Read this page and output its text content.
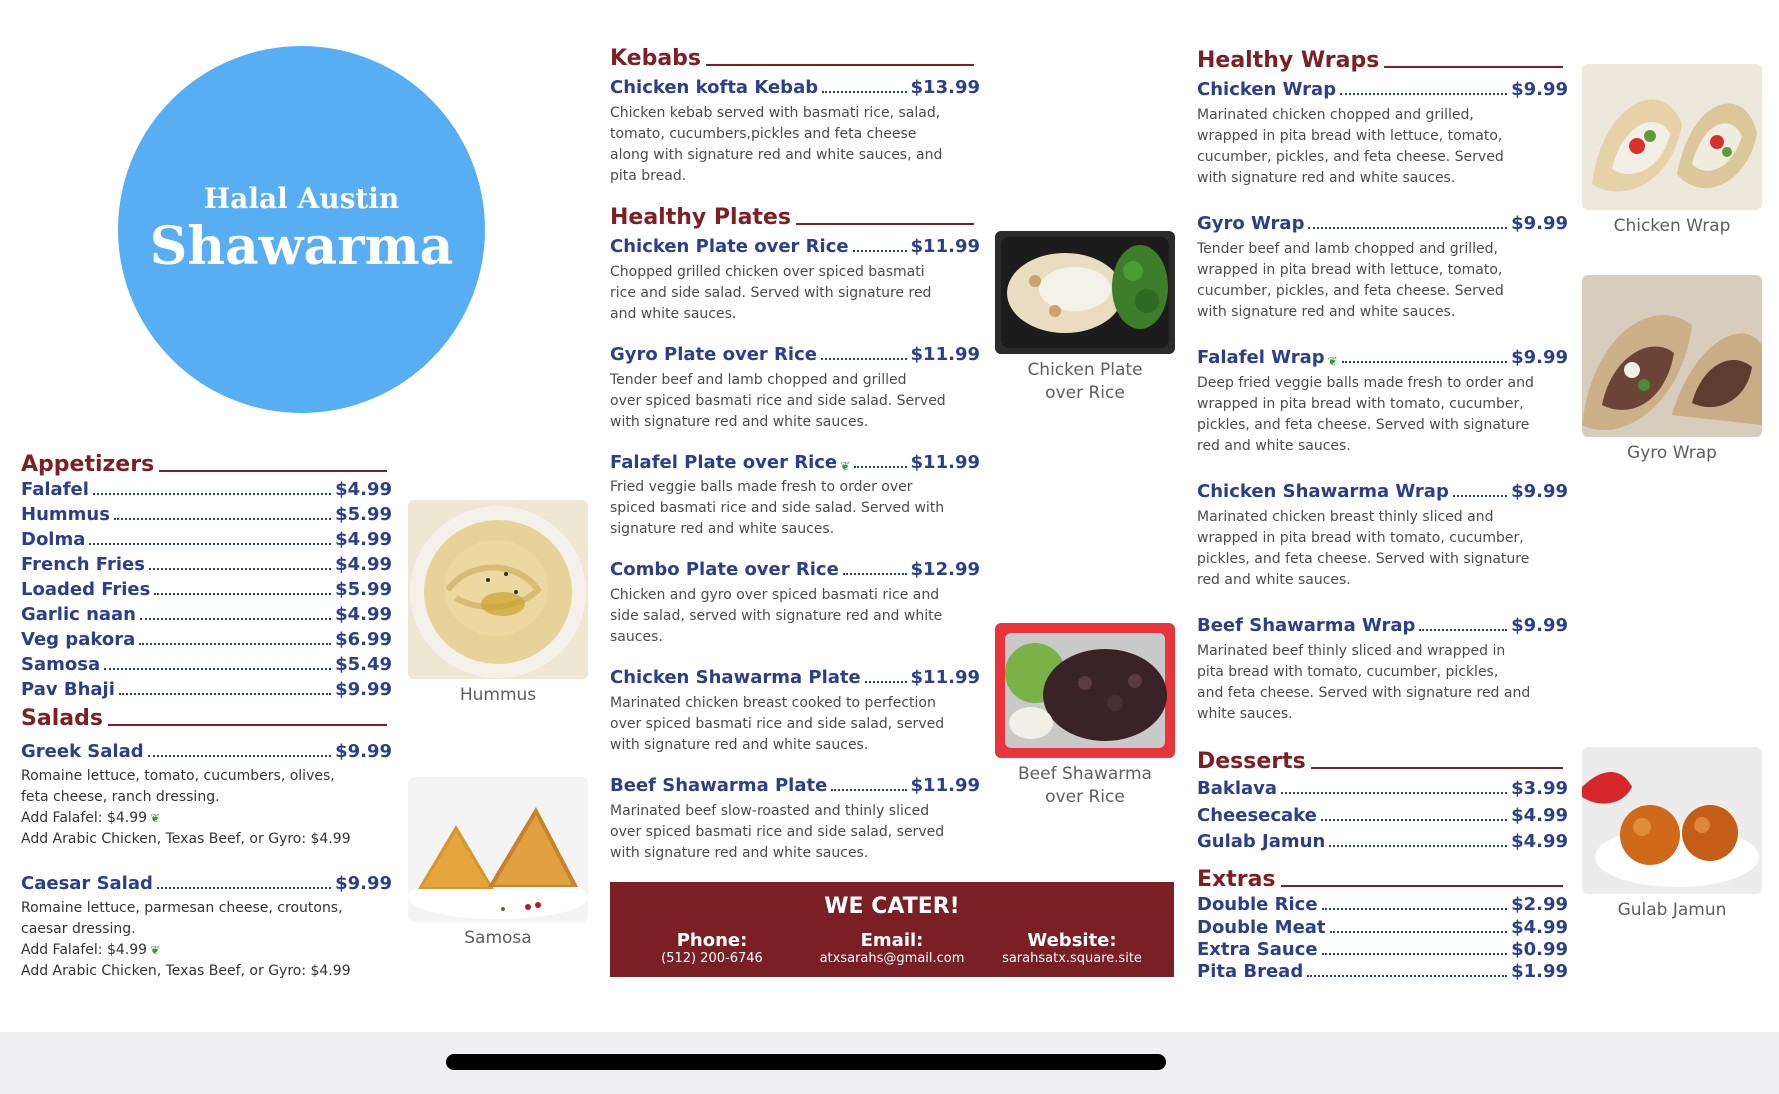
Halal Austin
Shawarma
Appetizers
Falafel	$4.99
Hummus	$5.99
Dolma	$4.99
French Fries	$4.99
Loaded Fries	$5.99
Garlic naan	$4.99
Veg pakora	$6.99
Samosa	$5.49
Pav Bhaji	$9.99
Salads
Greek Salad	$9.99
Romaine lettuce, tomato, cucumbers, olives,
feta cheese, ranch dressing.
Add Falafel: $4.99 ❦
Add Arabic Chicken, Texas Beef, or Gyro: $4.99
Caesar Salad	$9.99
Romaine lettuce, parmesan cheese, croutons,
caesar dressing.
Add Falafel: $4.99 ❦
Add Arabic Chicken, Texas Beef, or Gyro: $4.99
Hummus
Samosa
Kebabs
Chicken kofta Kebab	$13.99
Chicken kebab served with basmati rice, salad,
tomato, cucumbers,pickles and feta cheese
along with signature red and white sauces, and
pita bread.
Healthy Plates
Chicken Plate over Rice	$11.99
Chopped grilled chicken over spiced basmati
rice and side salad. Served with signature red
and white sauces.
Gyro Plate over Rice	$11.99
Tender beef and lamb chopped and grilled
over spiced basmati rice and side salad. Served
with signature red and white sauces.
Falafel Plate over Rice ❦	$11.99
Fried veggie balls made fresh to order over
spiced basmati rice and side salad. Served with
signature red and white sauces.
Combo Plate over Rice	$12.99
Chicken and gyro over spiced basmati rice and
side salad, served with signature red and white
sauces.
Chicken Shawarma Plate	$11.99
Marinated chicken breast cooked to perfection
over spiced basmati rice and side salad, served
with signature red and white sauces.
Beef Shawarma Plate	$11.99
Marinated beef slow-roasted and thinly sliced
over spiced basmati rice and side salad, served
with signature red and white sauces.
Chicken Plate
over Rice
Beef Shawarma
over Rice
WE CATER!
Phone:
(512) 200-6746
Email:
atxsarahs@gmail.com
Website:
sarahsatx.square.site
Healthy Wraps
Chicken Wrap	$9.99
Marinated chicken chopped and grilled,
wrapped in pita bread with lettuce, tomato,
cucumber, pickles, and feta cheese. Served
with signature red and white sauces.
Gyro Wrap	$9.99
Tender beef and lamb chopped and grilled,
wrapped in pita bread with lettuce, tomato,
cucumber, pickles, and feta cheese. Served
with signature red and white sauces.
Falafel Wrap ❦	$9.99
Deep fried veggie balls made fresh to order and
wrapped in pita bread with tomato, cucumber,
pickles, and feta cheese. Served with signature
red and white sauces.
Chicken Shawarma Wrap	$9.99
Marinated chicken breast thinly sliced and
wrapped in pita bread with tomato, cucumber,
pickles, and feta cheese. Served with signature
red and white sauces.
Beef Shawarma Wrap	$9.99
Marinated beef thinly sliced and wrapped in
pita bread with tomato, cucumber, pickles,
and feta cheese. Served with signature red and
white sauces.
Desserts
Baklava	$3.99
Cheesecake	$4.99
Gulab Jamun	$4.99
Extras
Double Rice	$2.99
Double Meat	$4.99
Extra Sauce	$0.99
Pita Bread	$1.99
Chicken Wrap
Gyro Wrap
Gulab Jamun
